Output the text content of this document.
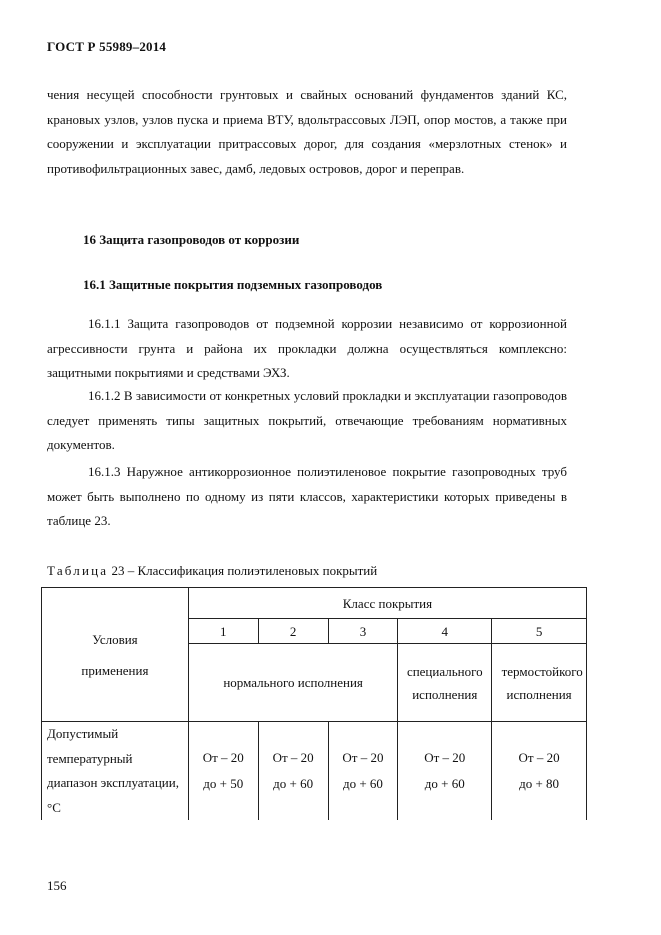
ГОСТ Р 55989–2014
чения несущей способности грунтовых и свайных оснований фундаментов зданий КС, крановых узлов, узлов пуска и приема ВТУ, вдольтрассовых ЛЭП, опор мостов, а также при сооружении и эксплуатации притрассовых дорог, для создания «мерзлотных стенок» и противофильтрационных завес, дамб, ледовых островов, дорог и переправ.
16 Защита газопроводов от коррозии
16.1 Защитные покрытия подземных газопроводов
16.1.1 Защита газопроводов от подземной коррозии независимо от коррозионной агрессивности грунта и района их прокладки должна осуществляться комплексно: защитными покрытиями и средствами ЭХЗ.
16.1.2 В зависимости от конкретных условий прокладки и эксплуатации газопроводов следует применять типы защитных покрытий, отвечающие требованиям нормативных документов.
16.1.3 Наружное антикоррозионное полиэтиленовое покрытие газопроводных труб может быть выполнено по одному из пяти классов, характеристики которых приведены в таблице 23.
Таблица 23 – Классификация полиэтиленовых покрытий
Условия применения	Класс покрытия				
	1	2	3	4	5
	нормального исполнения			специального исполнения	термостойкого исполнения

Допустимый температурный диапазон эксплуатации, °С	От – 20 до + 50	От – 20 до + 60	От – 20 до + 60	От – 20 до + 60	От – 20 до + 80
156
